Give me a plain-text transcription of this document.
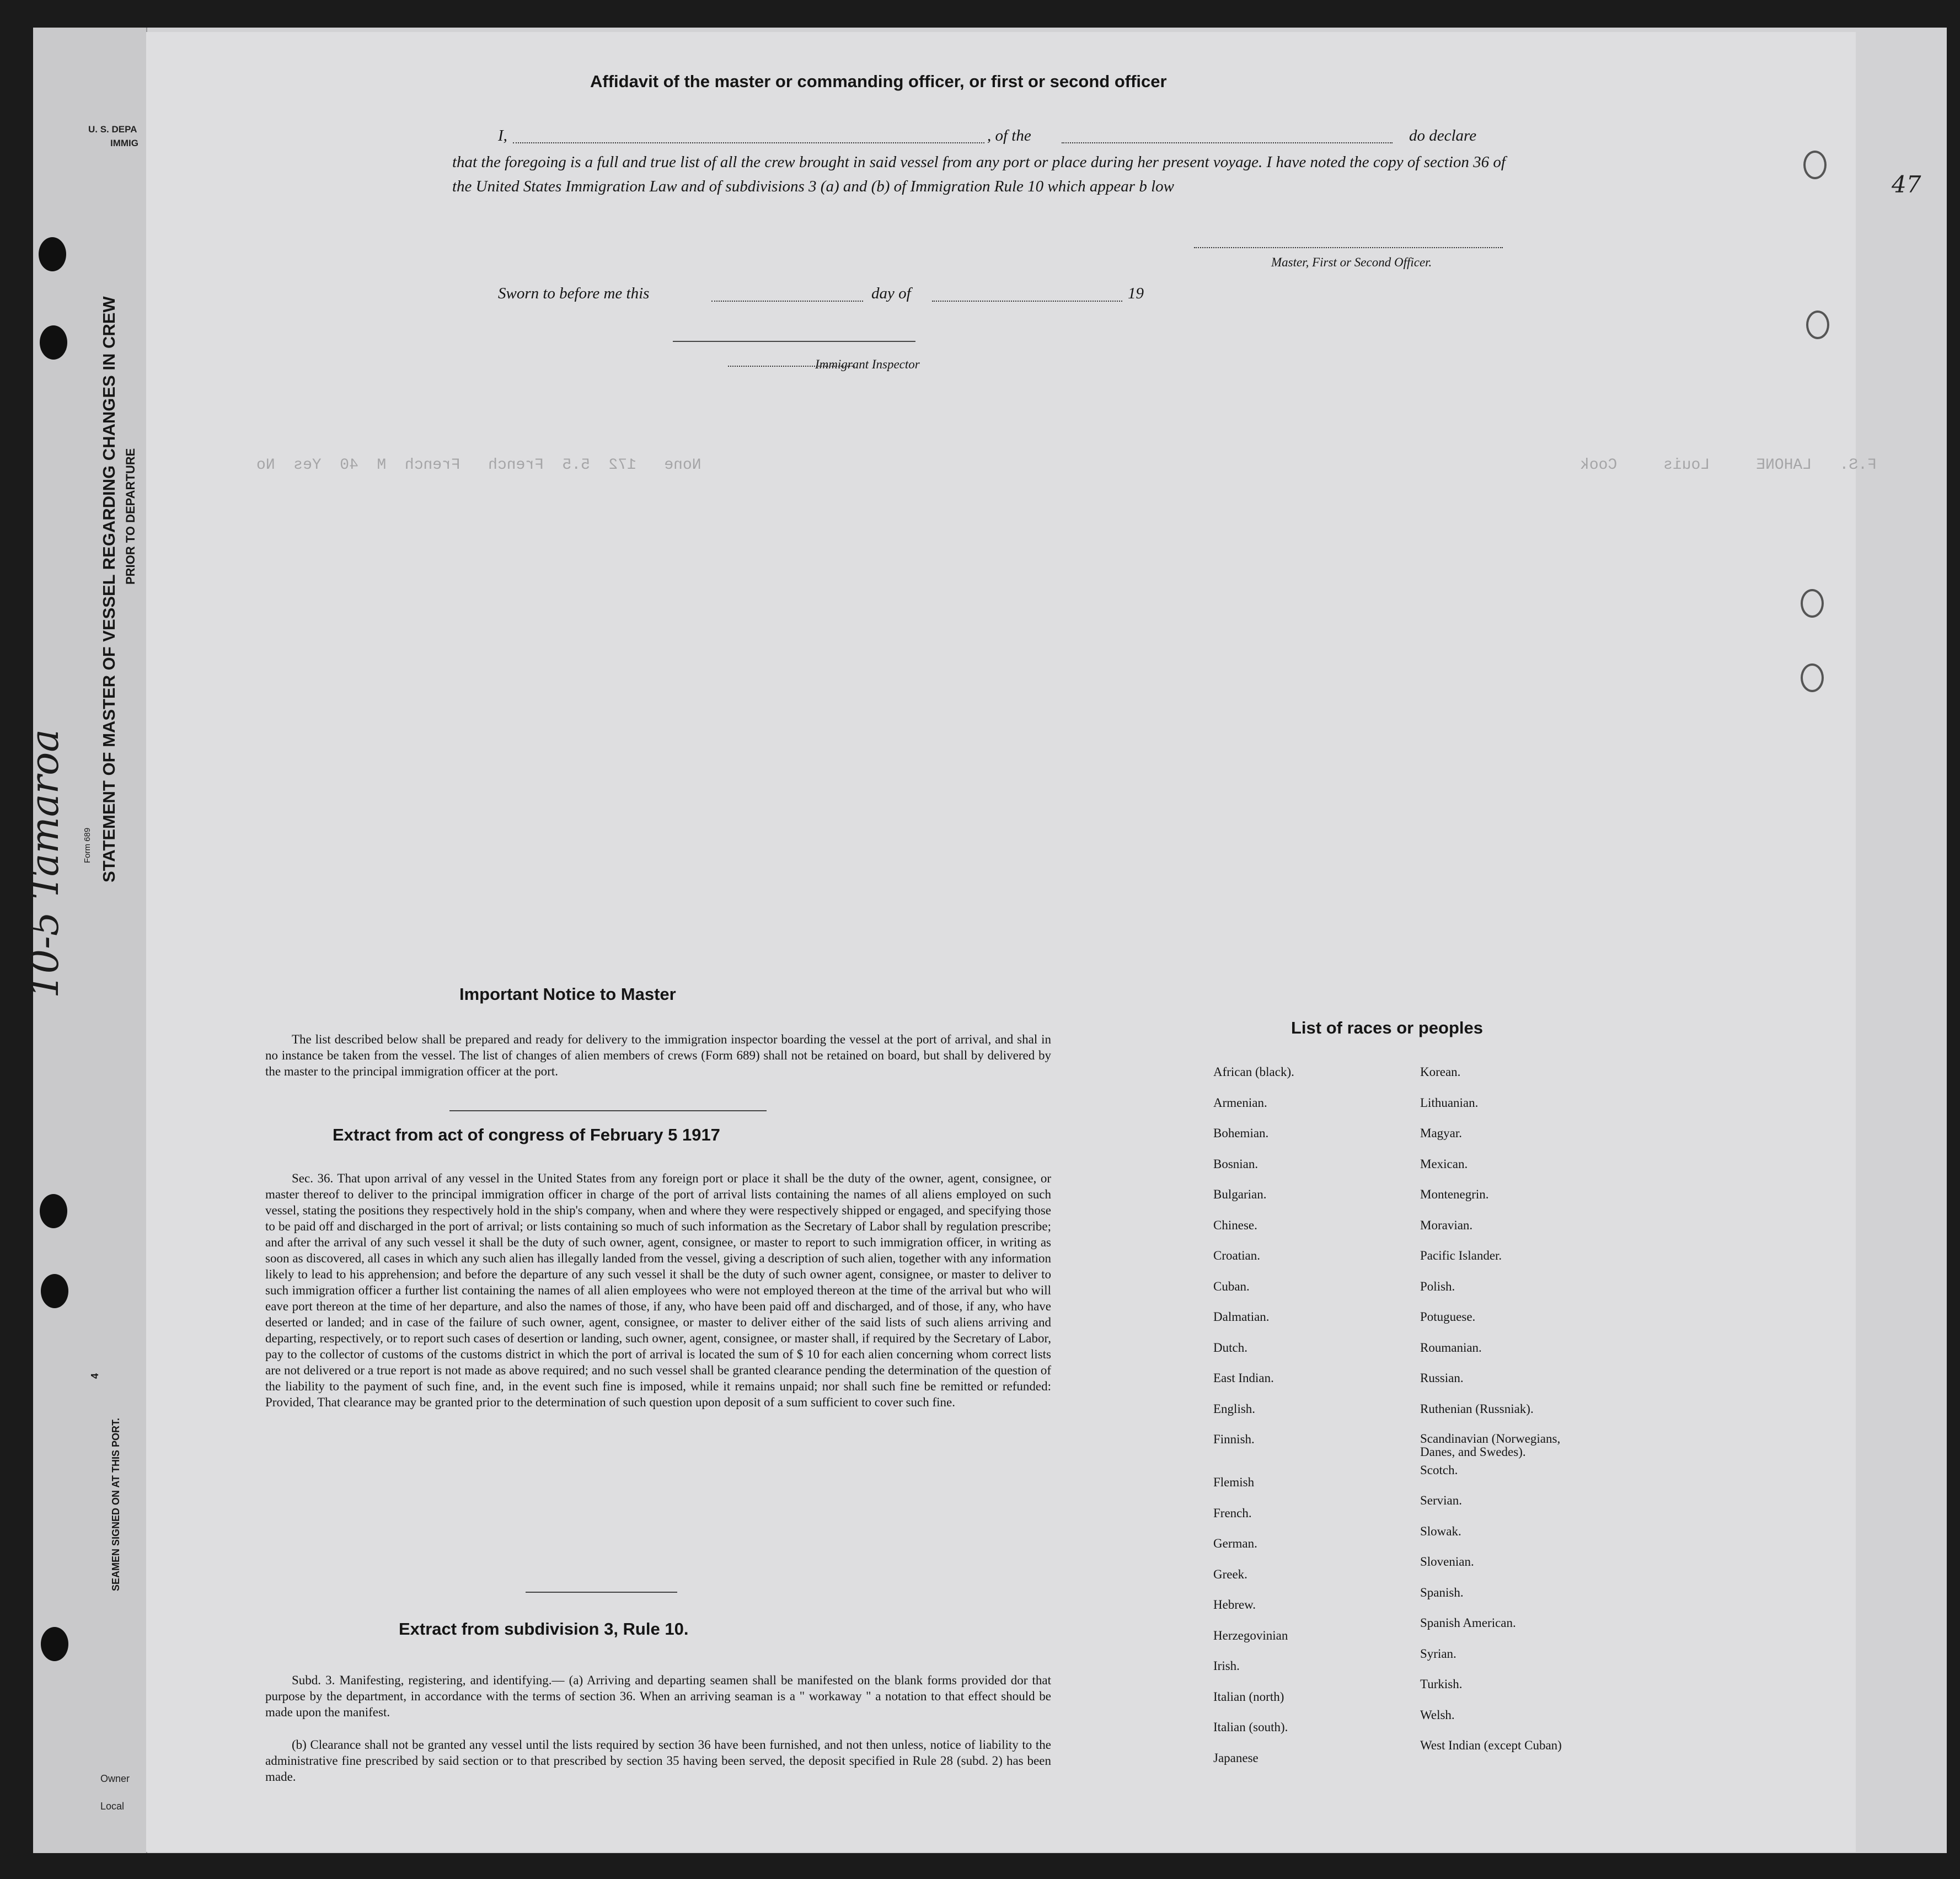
U. S. DEPA
IMMIG
STATEMENT OF MASTER OF VESSEL REGARDING CHANGES IN CREW PRIOR TO DEPARTURE
Form 689
SEAMEN SIGNED ON AT THIS PORT.
4
Owner
Local
10-5 Tamaroa
F.S.   LAHONE     Louis     Cook
None   172  5.5  French   French  M  40  Yes  No
Affidavit of the master or commanding officer, or first or second officer
I,	, of the	do declare
that the foregoing is a full and true list of all the crew brought in said vessel from any port or place during her present voyage. I have noted the copy of section 36 of the United States Immigration Law and of subdivisions 3 (a) and (b) of Immigration Rule 10 which appear b low
Master, First or Second Officer.
Sworn to before me this	day of	19
Immigrant Inspector
Important Notice to Master
The list described below shall be prepared and ready for delivery to the immigration inspector boarding the vessel at the port of arrival, and shal in no instance be taken from the vessel. The list of changes of alien members of crews (Form 689) shall not be retained on board, but shall by delivered by the master to the principal immigration officer at the port.
Extract from act of congress of February 5 1917
Sec. 36. That upon arrival of any vessel in the United States from any foreign port or place it shall be the duty of the owner, agent, consignee, or master thereof to deliver to the principal immigration officer in charge of the port of arrival lists containing the names of all aliens employed on such vessel, stating the positions they respectively hold in the ship's company, when and where they were respectively shipped or engaged, and specifying those to be paid off and discharged in the port of arrival; or lists containing so much of such information as the Secretary of Labor shall by regulation prescribe; and after the arrival of any such vessel it shall be the duty of such owner, agent, consignee, or master to report to such immigration officer, in writing as soon as discovered, all cases in which any such alien has illegally landed from the vessel, giving a description of such alien, together with any information likely to lead to his apprehension; and before the departure of any such vessel it shall be the duty of such owner agent, consignee, or master to deliver to such immigration officer a further list containing the names of all alien employees who were not employed thereon at the time of the arrival but who will eave port thereon at the time of her departure, and also the names of those, if any, who have been paid off and discharged, and of those, if any, who have deserted or landed; and in case of the failure of such owner, agent, consignee, or master to deliver either of the said lists of such aliens arriving and departing, respectively, or to report such cases of desertion or landing, such owner, agent, consignee, or master shall, if required by the Secretary of Labor, pay to the collector of customs of the customs district in which the port of arrival is located the sum of $ 10 for each alien concerning whom correct lists are not delivered or a true report is not made as above required; and no such vessel shall be granted clearance pending the determination of the question of the liability to the payment of such fine, and, in the event such fine is imposed, while it remains unpaid; nor shall such fine be remitted or refunded: Provided, That clearance may be granted prior to the determination of such question upon deposit of a sum sufficient to cover such fine.
Extract from subdivision 3, Rule 10.
Subd. 3. Manifesting, registering, and identifying.— (a) Arriving and departing seamen shall be manifested on the blank forms provided dor that purpose by the department, in accordance with the terms of section 36. When an arriving seaman is a " workaway " a notation to that effect should be made upon the manifest.
(b) Clearance shall not be granted any vessel until the lists required by section 36 have been furnished, and not then unless, notice of liability to the administrative fine prescribed by said section or to that prescribed by section 35 having been served, the deposit specified in Rule 28 (subd. 2) has been made.
List of races or peoples
African (black).
Armenian.
Bohemian.
Bosnian.
Bulgarian.
Chinese.
Croatian.
Cuban.
Dalmatian.
Dutch.
East Indian.
English.
Finnish.
Flemish
French.
German.
Greek.
Hebrew.
Herzegovinian
Irish.
Italian (north)
Italian (south).
Japanese
Korean.
Lithuanian.
Magyar.
Mexican.
Montenegrin.
Moravian.
Pacific Islander.
Polish.
Potuguese.
Roumanian.
Russian.
Ruthenian (Russniak).
Scandinavian (Norwegians, Danes, and Swedes).
Scotch.
Servian.
Slowak.
Slovenian.
Spanish.
Spanish American.
Syrian.
Turkish.
Welsh.
West Indian (except Cuban)
47
